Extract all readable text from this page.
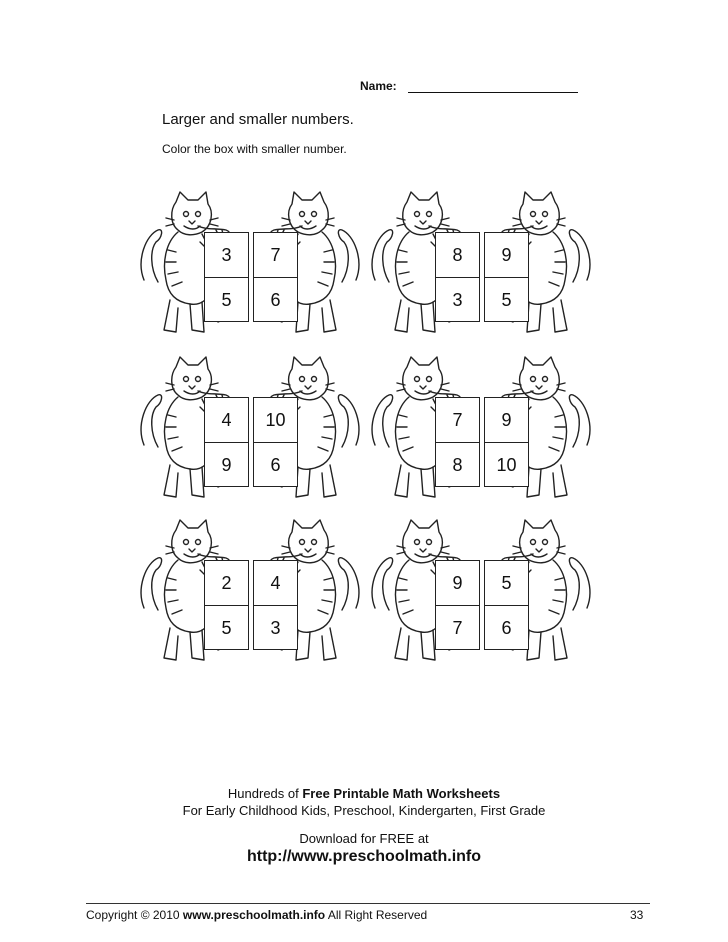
Name:
Larger and smaller numbers.
Color the box with smaller number.
3
5
7
6
8
3
9
5
4
9
10
6
7
8
9
10
2
5
4
3
9
7
5
6
Hundreds of Free Printable Math Worksheets
For Early Childhood Kids, Preschool, Kindergarten, First Grade
Download for FREE at
http://www.preschoolmath.info
Copyright © 2010 www.preschoolmath.info All Right Reserved	33
